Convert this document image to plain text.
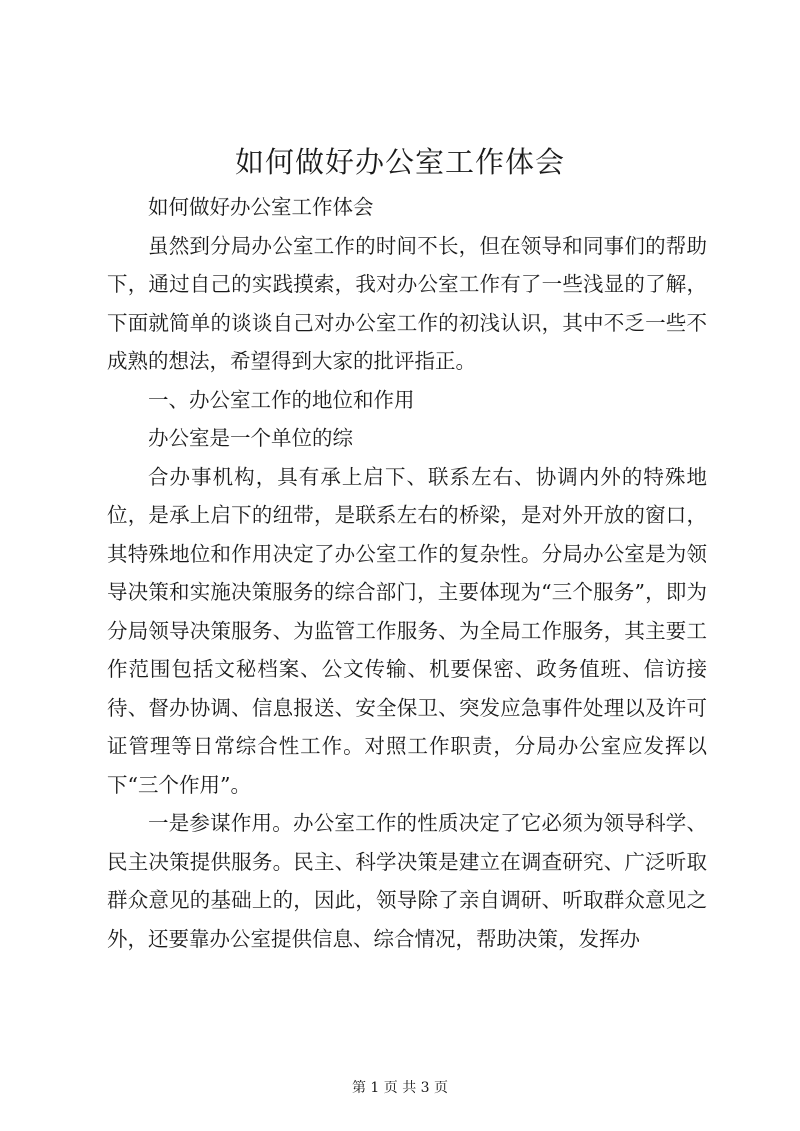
如何做好办公室工作体会

如何做好办公室工作体会

虽然到分局办公室工作的时间不长，但在领导和同事们的帮助下，通过自己的实践摸索，我对办公室工作有了一些浅显的了解，下面就简单的谈谈自己对办公室工作的初浅认识，其中不乏一些不成熟的想法，希望得到大家的批评指正。

一、办公室工作的地位和作用

办公室是一个单位的综

合办事机构，具有承上启下、联系左右、协调内外的特殊地位，是承上启下的纽带，是联系左右的桥梁，是对外开放的窗口，其特殊地位和作用决定了办公室工作的复杂性。分局办公室是为领导决策和实施决策服务的综合部门，主要体现为“三个服务”，即为分局领导决策服务、为监管工作服务、为全局工作服务，其主要工作范围包括文秘档案、公文传输、机要保密、政务值班、信访接待、督办协调、信息报送、安全保卫、突发应急事件处理以及许可证管理等日常综合性工作。对照工作职责，分局办公室应发挥以下“三个作用”。

一是参谋作用。办公室工作的性质决定了它必须为领导科学、民主决策提供服务。民主、科学决策是建立在调查研究、广泛听取群众意见的基础上的，因此，领导除了亲自调研、听取群众意见之外，还要靠办公室提供信息、综合情况，帮助决策，发挥办

第 1 页 共 3 页
